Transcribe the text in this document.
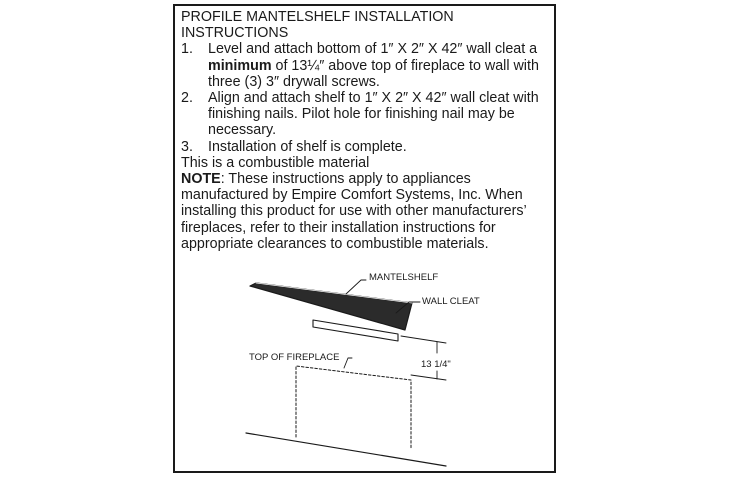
PROFILE MANTELSHELF INSTALLATION INSTRUCTIONS
1. Level and attach bottom of 1″ X 2″ X 42″ wall cleat a minimum of 13¼″ above top of fireplace to wall with three (3) 3″ drywall screws.
2. Align and attach shelf to 1″ X 2″ X 42″ wall cleat with finishing nails. Pilot hole for finishing nail may be necessary.
3. Installation of shelf is complete.
This is a combustible material
NOTE: These instructions apply to appliances manufactured by Empire Comfort Systems, Inc. When installing this product for use with other manufacturers’ fireplaces, refer to their installation instructions for appropriate clearances to combustible materials.
MANTELSHELF
WALL CLEAT
TOP OF FIREPLACE
13 1/4"
